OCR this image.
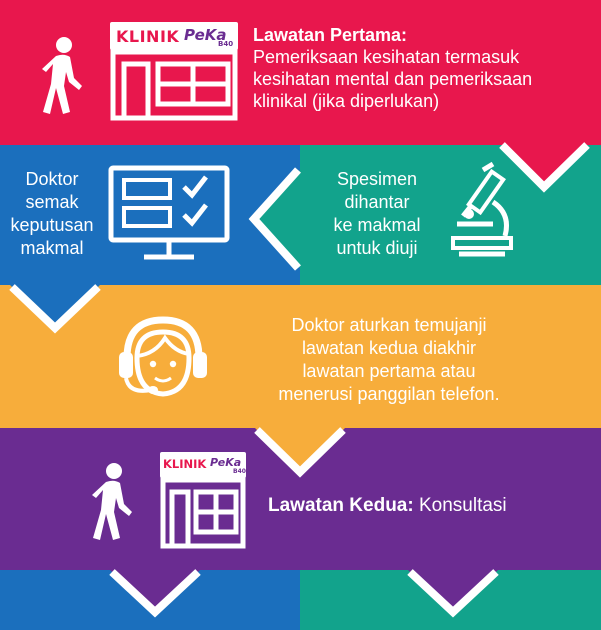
KLINIK PeKa
B40 Lawatan Pertama:
Pemeriksaan kesihatan termasuk
kesihatan mental dan pemeriksaan
klinikal (jika diperlukan)
Doktor
semak
keputusan
makmal
Spesimen
dihantar
ke makmal
untuk diuji
Doktor aturkan temujanji
lawatan kedua diakhir
lawatan pertama atau
menerusi panggilan telefon.
KLINIK PeKa
B40
Lawatan Kedua: Konsultasi
